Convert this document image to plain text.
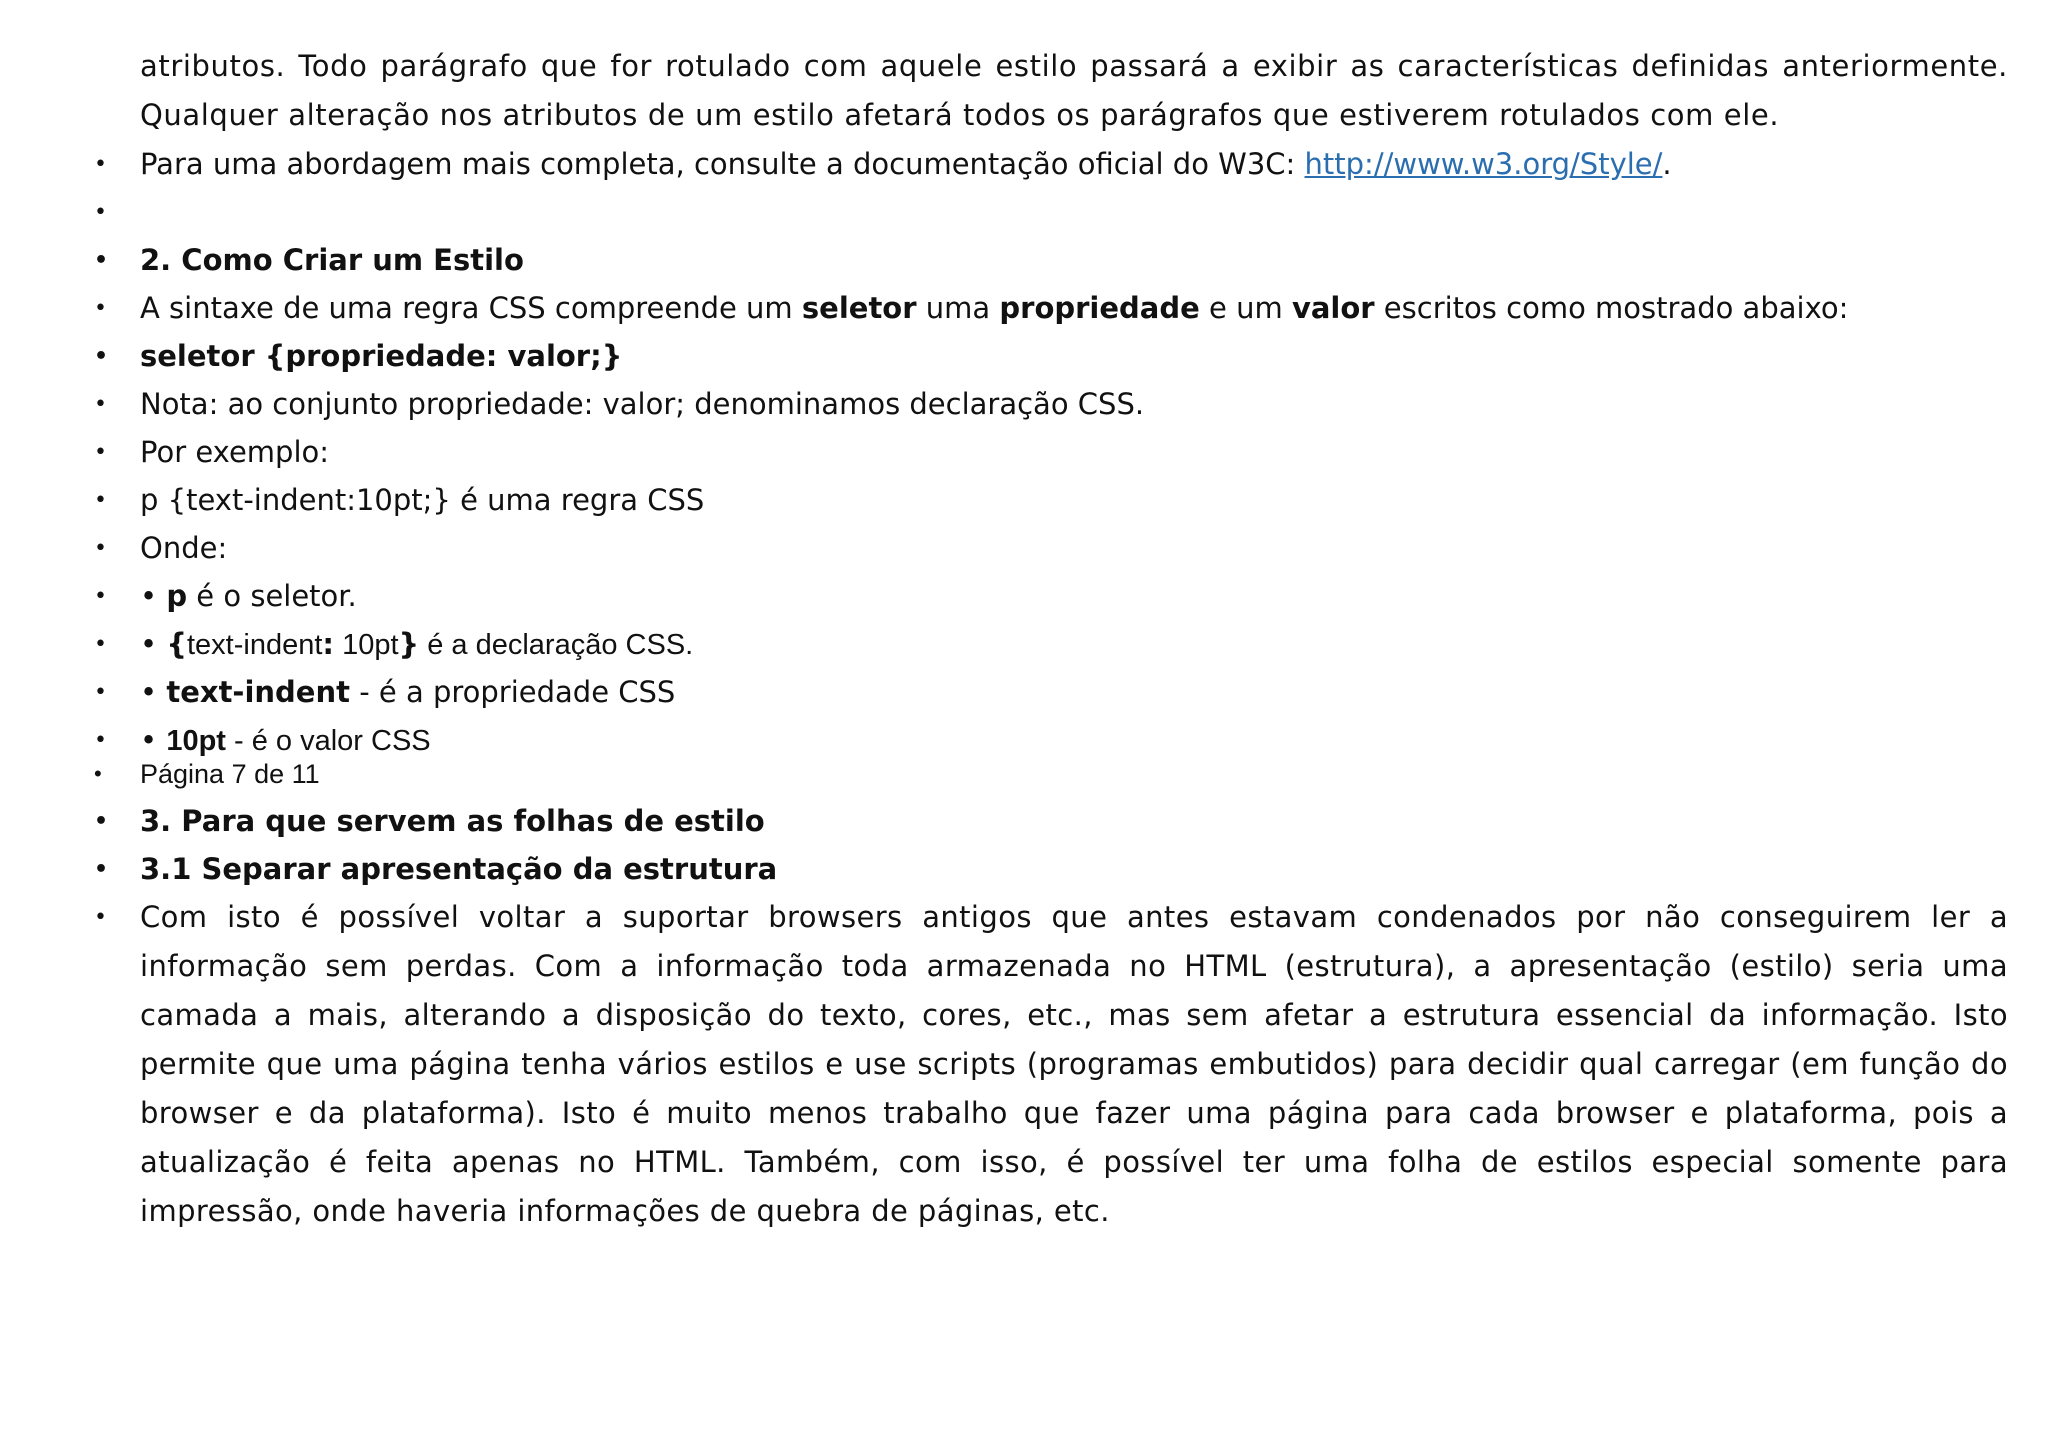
atributos. Todo parágrafo que for rotulado com aquele estilo passará a exibir as características definidas anteriormente.
Qualquer alteração nos atributos de um estilo afetará todos os parágrafos que estiverem rotulados com ele.
• Para uma abordagem mais completa, consulte a documentação oficial do W3C: http://www.w3.org/Style/.
• 2. Como Criar um Estilo
• A sintaxe de uma regra CSS compreende um seletor uma propriedade e um valor escritos como mostrado abaixo:
• seletor {propriedade: valor;}
• Nota: ao conjunto propriedade: valor; denominamos declaração CSS.
• Por exemplo:
• p {text-indent:10pt;} é uma regra CSS
• Onde:
• • p é o seletor.
• • {text-indent: 10pt} é a declaração CSS.
• • text-indent - é a propriedade CSS
• • 10pt - é o valor CSS
• Página 7 de 11
• 3. Para que servem as folhas de estilo
• 3.1 Separar apresentação da estrutura
• Com isto é possível voltar a suportar browsers antigos que antes estavam condenados por não conseguirem ler a informação sem perdas. Com a informação toda armazenada no HTML (estrutura), a apresentação (estilo) seria uma camada a mais, alterando a disposição do texto, cores, etc., mas sem afetar a estrutura essencial da informação. Isto permite que uma página tenha vários estilos e use scripts (programas embutidos) para decidir qual carregar (em função do browser e da plataforma). Isto é muito menos trabalho que fazer uma página para cada browser e plataforma, pois a atualização é feita apenas no HTML. Também, com isso, é possível ter uma folha de estilos especial somente para impressão, onde haveria informações de quebra de páginas, etc.
